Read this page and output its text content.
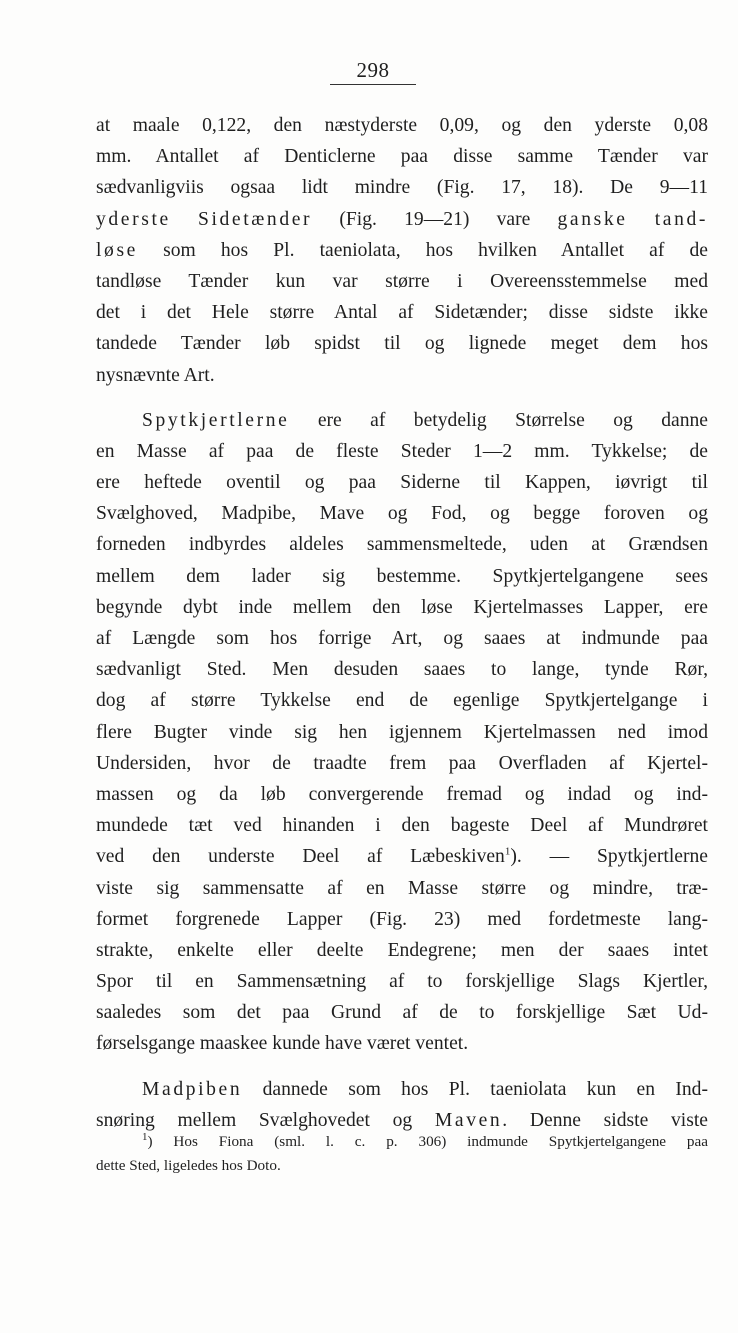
298
at maale 0,122, den næstyderste 0,09, og den yderste 0,08
mm. Antallet af Denticlerne paa disse samme Tænder var
sædvanligviis ogsaa lidt mindre (Fig. 17, 18). De 9—11
yderste Sidetænder (Fig. 19—21) vare ganske tand-
løse som hos Pl. taeniolata, hos hvilken Antallet af de
tandløse Tænder kun var større i Overeensstemmelse med
det i det Hele større Antal af Sidetænder; disse sidste ikke
tandede Tænder løb spidst til og lignede meget dem hos
nysnævnte Art.
Spytkjertlerne ere af betydelig Størrelse og danne
en Masse af paa de fleste Steder 1—2 mm. Tykkelse; de
ere heftede oventil og paa Siderne til Kappen, iøvrigt til
Svælghoved, Madpibe, Mave og Fod, og begge foroven og
forneden indbyrdes aldeles sammensmeltede, uden at Grændsen
mellem dem lader sig bestemme. Spytkjertelgangene sees
begynde dybt inde mellem den løse Kjertelmasses Lapper, ere
af Længde som hos forrige Art, og saaes at indmunde paa
sædvanligt Sted. Men desuden saaes to lange, tynde Rør,
dog af større Tykkelse end de egenlige Spytkjertelgange i
flere Bugter vinde sig hen igjennem Kjertelmassen ned imod
Undersiden, hvor de traadte frem paa Overfladen af Kjertel-
massen og da løb convergerende fremad og indad og ind-
mundede tæt ved hinanden i den bageste Deel af Mundrøret
ved den underste Deel af Læbeskiven$^1$). — Spytkjertlerne
viste sig sammensatte af en Masse større og mindre, træ-
formet forgrenede Lapper (Fig. 23) med fordetmeste lang-
strakte, enkelte eller deelte Endegrene; men der saaes intet
Spor til en Sammensætning af to forskjellige Slags Kjertler,
saaledes som det paa Grund af de to forskjellige Sæt Ud-
førselsgange maaskee kunde have været ventet.
Madpiben dannede som hos Pl. taeniolata kun en Ind-
snøring mellem Svælghovedet og Maven. Denne sidste viste
$^1$) Hos Fiona (sml. l. c. p. 306) indmunde Spytkjertelgangene paa
dette Sted, ligeledes hos Doto.
